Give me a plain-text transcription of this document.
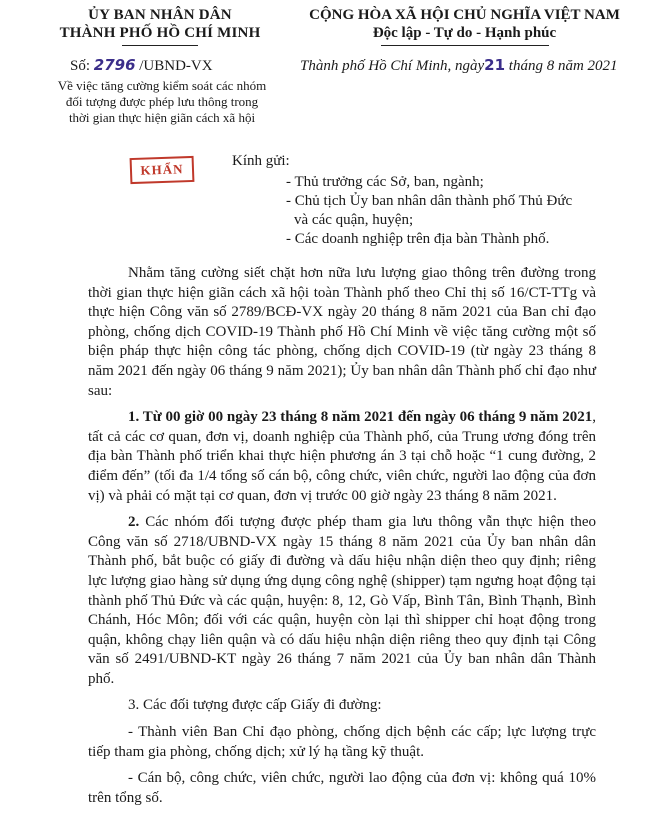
ỦY BAN NHÂN DÂN
THÀNH PHỐ HỒ CHÍ MINH
CỘNG HÒA XÃ HỘI CHỦ NGHĨA VIỆT NAM
Độc lập - Tự do - Hạnh phúc
Số: 2796 /UBND-VX	Thành phố Hồ Chí Minh, ngày21 tháng 8 năm 2021
Về việc tăng cường kiểm soát các nhóm đối tượng được phép lưu thông trong thời gian thực hiện giãn cách xã hội
KHẨN
Kính gửi:
- Thủ trưởng các Sở, ban, ngành;
- Chủ tịch Ủy ban nhân dân thành phố Thủ Đức
và các quận, huyện;
- Các doanh nghiệp trên địa bàn Thành phố.

Nhằm tăng cường siết chặt hơn nữa lưu lượng giao thông trên đường trong thời gian thực hiện giãn cách xã hội toàn Thành phố theo Chỉ thị số 16/CT-TTg và thực hiện Công văn số 2789/BCĐ-VX ngày 20 tháng 8 năm 2021 của Ban chỉ đạo phòng, chống dịch COVID-19 Thành phố Hồ Chí Minh về việc tăng cường một số biện pháp thực hiện công tác phòng, chống dịch COVID-19 (từ ngày 23 tháng 8 năm 2021 đến ngày 06 tháng 9 năm 2021); Ủy ban nhân dân Thành phố chỉ đạo như sau:

1. Từ 00 giờ 00 ngày 23 tháng 8 năm 2021 đến ngày 06 tháng 9 năm 2021, tất cả các cơ quan, đơn vị, doanh nghiệp của Thành phố, của Trung ương đóng trên địa bàn Thành phố triển khai thực hiện phương án 3 tại chỗ hoặc “1 cung đường, 2 điểm đến” (tối đa 1/4 tổng số cán bộ, công chức, viên chức, người lao động của đơn vị) và phải có mặt tại cơ quan, đơn vị trước 00 giờ ngày 23 tháng 8 năm 2021.

2. Các nhóm đối tượng được phép tham gia lưu thông vẫn thực hiện theo Công văn số 2718/UBND-VX ngày 15 tháng 8 năm 2021 của Ủy ban nhân dân Thành phố, bắt buộc có giấy đi đường và dấu hiệu nhận diện theo quy định; riêng lực lượng giao hàng sử dụng ứng dụng công nghệ (shipper) tạm ngưng hoạt động tại thành phố Thủ Đức và các quận, huyện: 8, 12, Gò Vấp, Bình Tân, Bình Thạnh, Bình Chánh, Hóc Môn; đối với các quận, huyện còn lại thì shipper chỉ hoạt động trong quận, không chạy liên quận và có dấu hiệu nhận diện riêng theo quy định tại Công văn số 2491/UBND-KT ngày 26 tháng 7 năm 2021 của Ủy ban nhân dân Thành phố.

3. Các đối tượng được cấp Giấy đi đường:

- Thành viên Ban Chỉ đạo phòng, chống dịch bệnh các cấp; lực lượng trực tiếp tham gia phòng, chống dịch; xử lý hạ tầng kỹ thuật.

- Cán bộ, công chức, viên chức, người lao động của đơn vị: không quá 10% trên tổng số.
